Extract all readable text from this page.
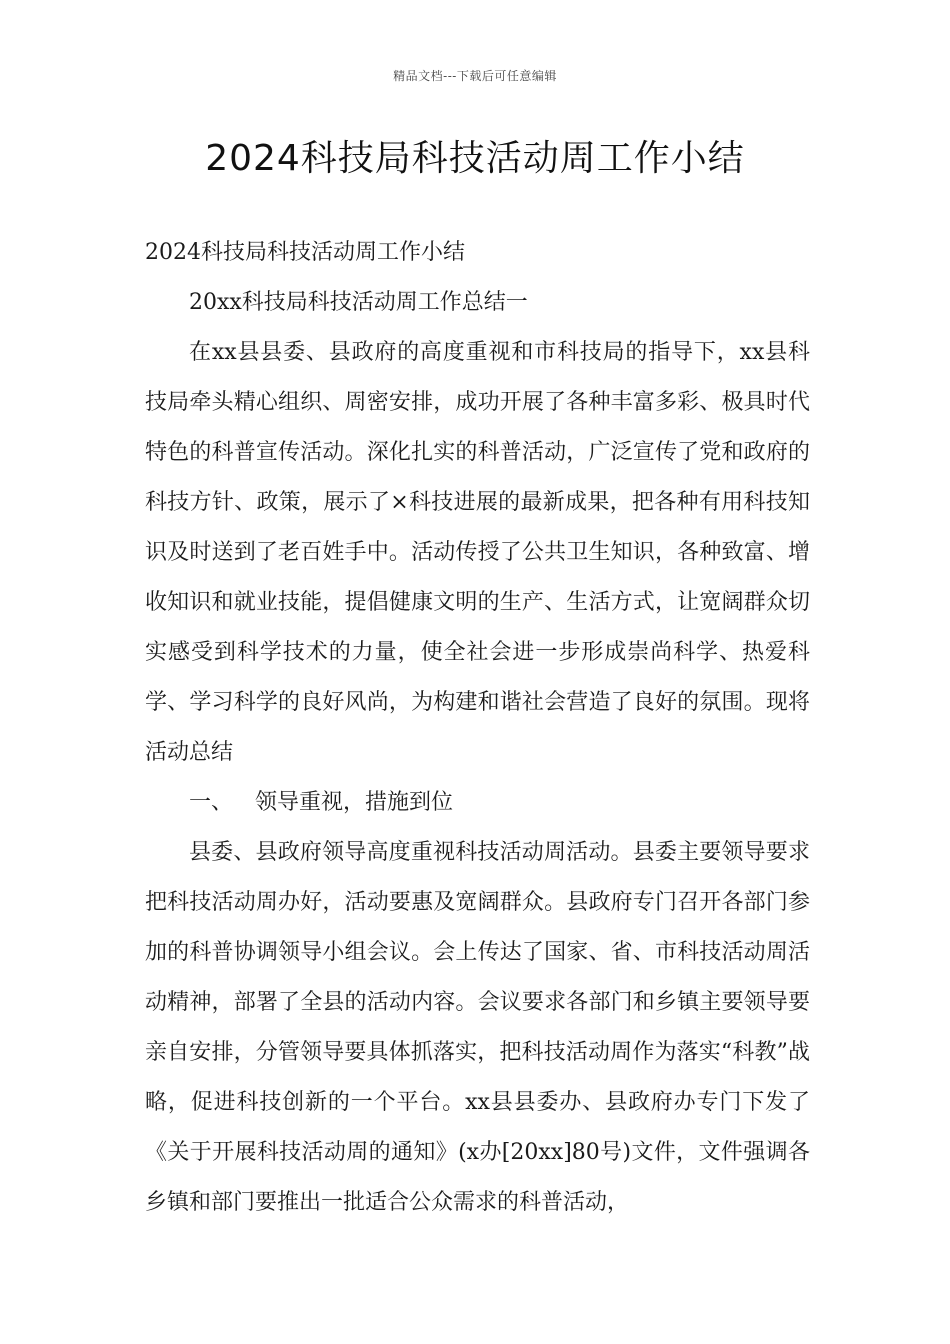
精品文档---下载后可任意编辑
2024科技局科技活动周工作小结

2024科技局科技活动周工作小结

20xx科技局科技活动周工作总结一

在xx县县委、县政府的高度重视和市科技局的指导下，xx县科技局牵头精心组织、周密安排，成功开展了各种丰富多彩、极具时代特色的科普宣传活动。深化扎实的科普活动，广泛宣传了党和政府的科技方针、政策，展示了×科技进展的最新成果，把各种有用科技知识及时送到了老百姓手中。活动传授了公共卫生知识，各种致富、增收知识和就业技能，提倡健康文明的生产、生活方式，让宽阔群众切实感受到科学技术的力量，使全社会进一步形成崇尚科学、热爱科学、学习科学的良好风尚，为构建和谐社会营造了良好的氛围。现将活动总结

一、 领导重视，措施到位

县委、县政府领导高度重视科技活动周活动。县委主要领导要求把科技活动周办好，活动要惠及宽阔群众。县政府专门召开各部门参加的科普协调领导小组会议。会上传达了国家、省、市科技活动周活动精神，部署了全县的活动内容。会议要求各部门和乡镇主要领导要亲自安排，分管领导要具体抓落实，把科技活动周作为落实“科教”战略，促进科技创新的一个平台。xx县县委办、县政府办专门下发了《关于开展科技活动周的通知》(x办[20xx]80号)文件，文件强调各乡镇和部门要推出一批适合公众需求的科普活动，
